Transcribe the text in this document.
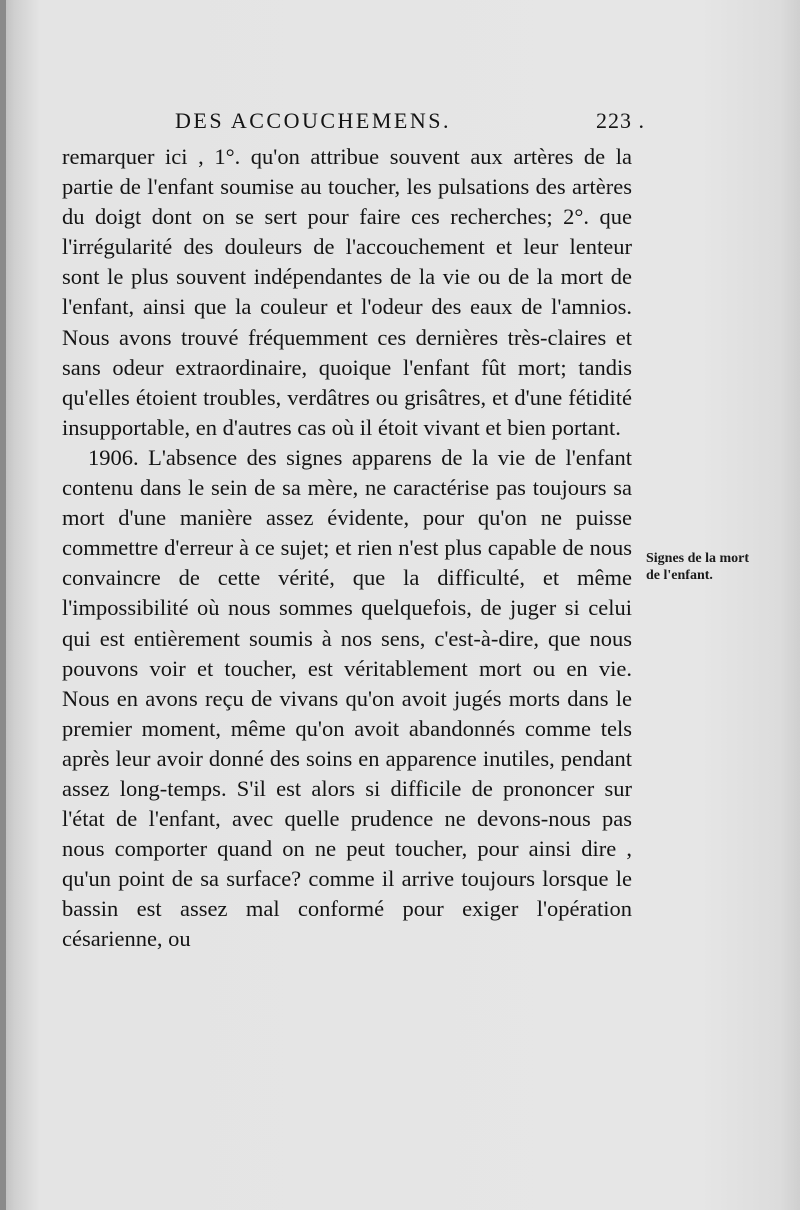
DES ACCOUCHEMENS.	223 .

remarquer ici , 1°. qu'on attribue souvent aux artères de la partie de l'enfant soumise au toucher, les pulsations des artères du doigt dont on se sert pour faire ces recherches; 2°. que l'irrégularité des douleurs de l'accouchement et leur lenteur sont le plus souvent indépendantes de la vie ou de la mort de l'enfant, ainsi que la couleur et l'odeur des eaux de l'amnios. Nous avons trouvé fréquemment ces dernières très-claires et sans odeur extraordinaire, quoique l'enfant fût mort; tandis qu'elles étoient troubles, verdâtres ou grisâtres, et d'une fétidité insupportable, en d'autres cas où il étoit vivant et bien portant.

1906. L'absence des signes apparens de la vie de l'enfant contenu dans le sein de sa mère, ne caractérise pas toujours sa mort d'une manière assez évidente, pour qu'on ne puisse commettre d'erreur à ce sujet; et rien n'est plus capable de nous convaincre de cette vérité, que la difficulté, et même l'impossibilité où nous sommes quelquefois, de juger si celui qui est entièrement soumis à nos sens, c'est-à-dire, que nous pouvons voir et toucher, est véritablement mort ou en vie. Nous en avons reçu de vivans qu'on avoit jugés morts dans le premier moment, même qu'on avoit abandonnés comme tels après leur avoir donné des soins en apparence inutiles, pendant assez long-temps. S'il est alors si difficile de prononcer sur l'état de l'enfant, avec quelle prudence ne devons-nous pas nous comporter quand on ne peut toucher, pour ainsi dire , qu'un point de sa surface? comme il arrive toujours lorsque le bassin est assez mal conformé pour exiger l'opération césarienne, ou

Signes de la mort de l'enfant.
